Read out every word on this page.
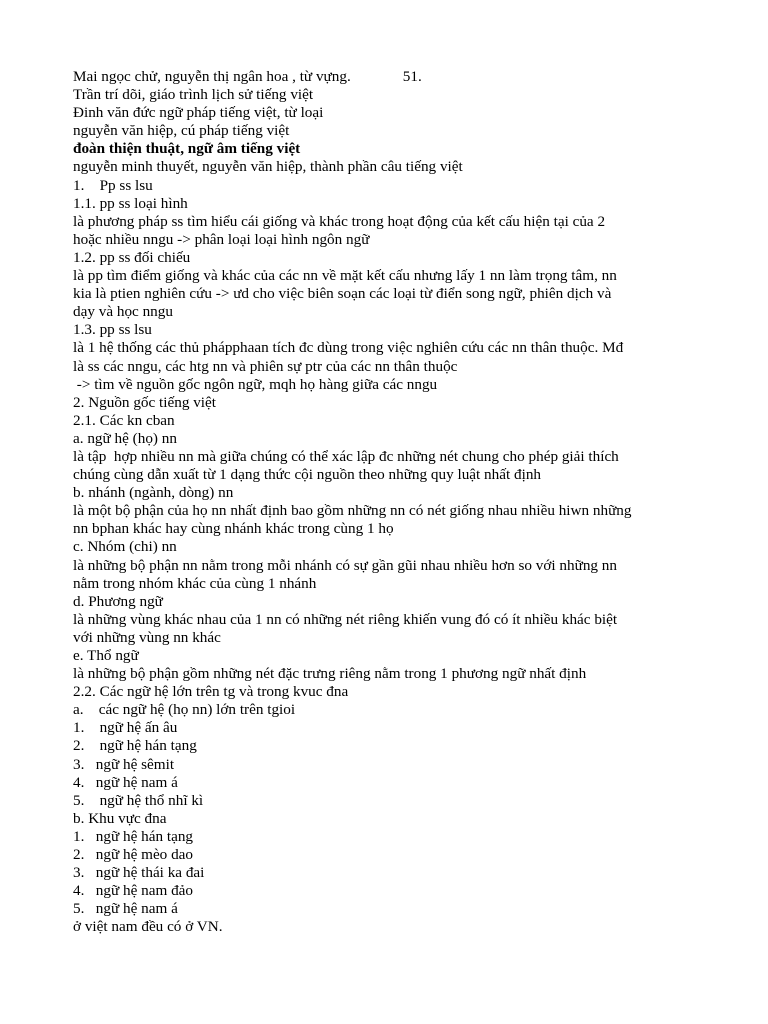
Mai ngọc chử, nguyễn thị ngân hoa , từ vựng.	51.
Trần trí dõi, giáo trình lịch sử tiếng việt
Đinh văn đức ngữ pháp tiếng việt, từ loại
nguyễn văn hiệp, cú pháp tiếng việt
đoàn thiện thuật, ngữ âm tiếng việt
nguyễn minh thuyết, nguyễn văn hiệp, thành phần câu tiếng việt
1.    Pp ss lsu
1.1. pp ss loại hình
là phương pháp ss tìm hiểu cái giống và khác trong hoạt động của kết cấu hiện tại của 2
hoặc nhiều nngu -> phân loại loại hình ngôn ngữ
1.2. pp ss đối chiếu
là pp tìm điểm giống và khác của các nn về mặt kết cấu nhưng lấy 1 nn làm trọng tâm, nn
kia là ptien nghiên cứu -> ưd cho việc biên soạn các loại từ điển song ngữ, phiên dịch và
dạy và học nngu
1.3. pp ss lsu
là 1 hệ thống các thủ phápphaan tích đc dùng trong việc nghiên cứu các nn thân thuộc. Mđ
là ss các nngu, các htg nn và phiên sự ptr của các nn thân thuộc
-> tìm về nguồn gốc ngôn ngữ, mqh họ hàng giữa các nngu
2. Nguồn gốc tiếng việt
2.1. Các kn cban
a. ngữ hệ (họ) nn
là tập  hợp nhiều nn mà giữa chúng có thể xác lập đc những nét chung cho phép giải thích
chúng cùng dẫn xuất từ 1 dạng thức cội nguồn theo những quy luật nhất định
b. nhánh (ngành, dòng) nn
là một bộ phận của họ nn nhất định bao gồm những nn có nét giống nhau nhiều hiwn những
nn bphan khác hay cùng nhánh khác trong cùng 1 họ
c. Nhóm (chi) nn
là những bộ phận nn nằm trong mỗi nhánh có sự gần gũi nhau nhiều hơn so với những nn
nằm trong nhóm khác của cùng 1 nhánh
d. Phương ngữ
là những vùng khác nhau của 1 nn có những nét riêng khiến vung đó có ít nhiều khác biệt
với những vùng nn khác
e. Thổ ngữ
là những bộ phận gồm những nét đặc trưng riêng nằm trong 1 phương ngữ nhất định
2.2. Các ngữ hệ lớn trên tg và trong kvuc đna
a.    các ngữ hệ (họ nn) lớn trên tgioi
1.    ngữ hệ ấn âu
2.    ngữ hệ hán tạng
3.   ngữ hệ sêmit
4.   ngữ hệ nam á
5.    ngữ hệ thổ nhĩ kì
b. Khu vực đna
1.   ngữ hệ hán tạng
2.   ngữ hệ mèo dao
3.   ngữ hệ thái ka đai
4.   ngữ hệ nam đảo
5.   ngữ hệ nam á
ở việt nam đều có ở VN.
